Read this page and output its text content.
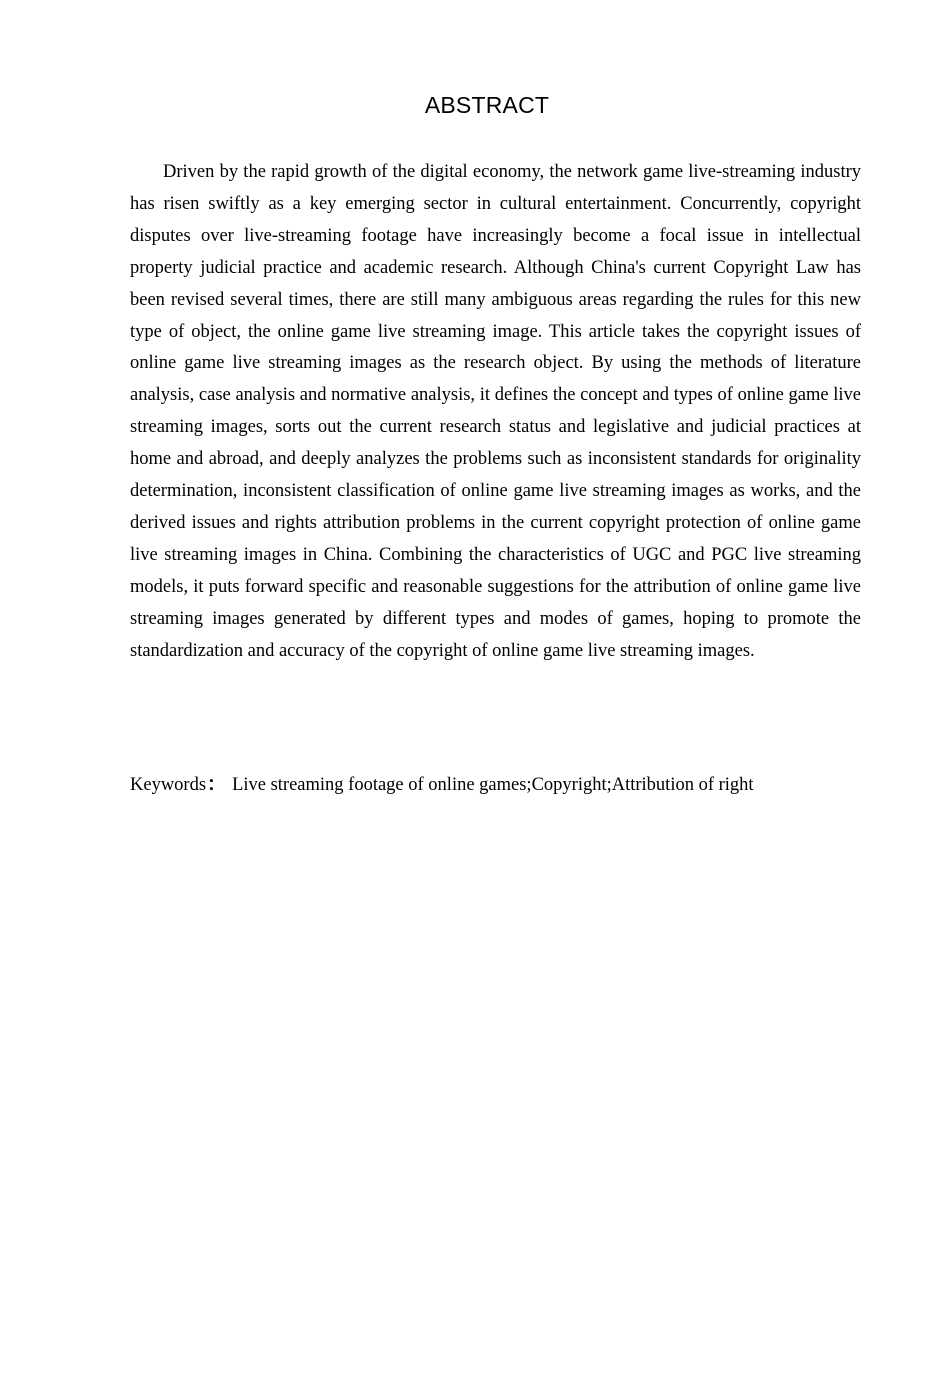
ABSTRACT

Driven by the rapid growth of the digital economy, the network game live-streaming industry has risen swiftly as a key emerging sector in cultural entertainment. Concurrently, copyright disputes over live-streaming footage have increasingly become a focal issue in intellectual property judicial practice and academic research. Although China's current Copyright Law has been revised several times, there are still many ambiguous areas regarding the rules for this new type of object, the online game live streaming image. This article takes the copyright issues of online game live streaming images as the research object. By using the methods of literature analysis, case analysis and normative analysis, it defines the concept and types of online game live streaming images, sorts out the current research status and legislative and judicial practices at home and abroad, and deeply analyzes the problems such as inconsistent standards for originality determination, inconsistent classification of online game live streaming images as works, and the derived issues and rights attribution problems in the current copyright protection of online game live streaming images in China. Combining the characteristics of UGC and PGC live streaming models, it puts forward specific and reasonable suggestions for the attribution of online game live streaming images generated by different types and modes of games, hoping to promote the standardization and accuracy of the copyright of online game live streaming images.

Keywords： Live streaming footage of online games;Copyright;Attribution of right
